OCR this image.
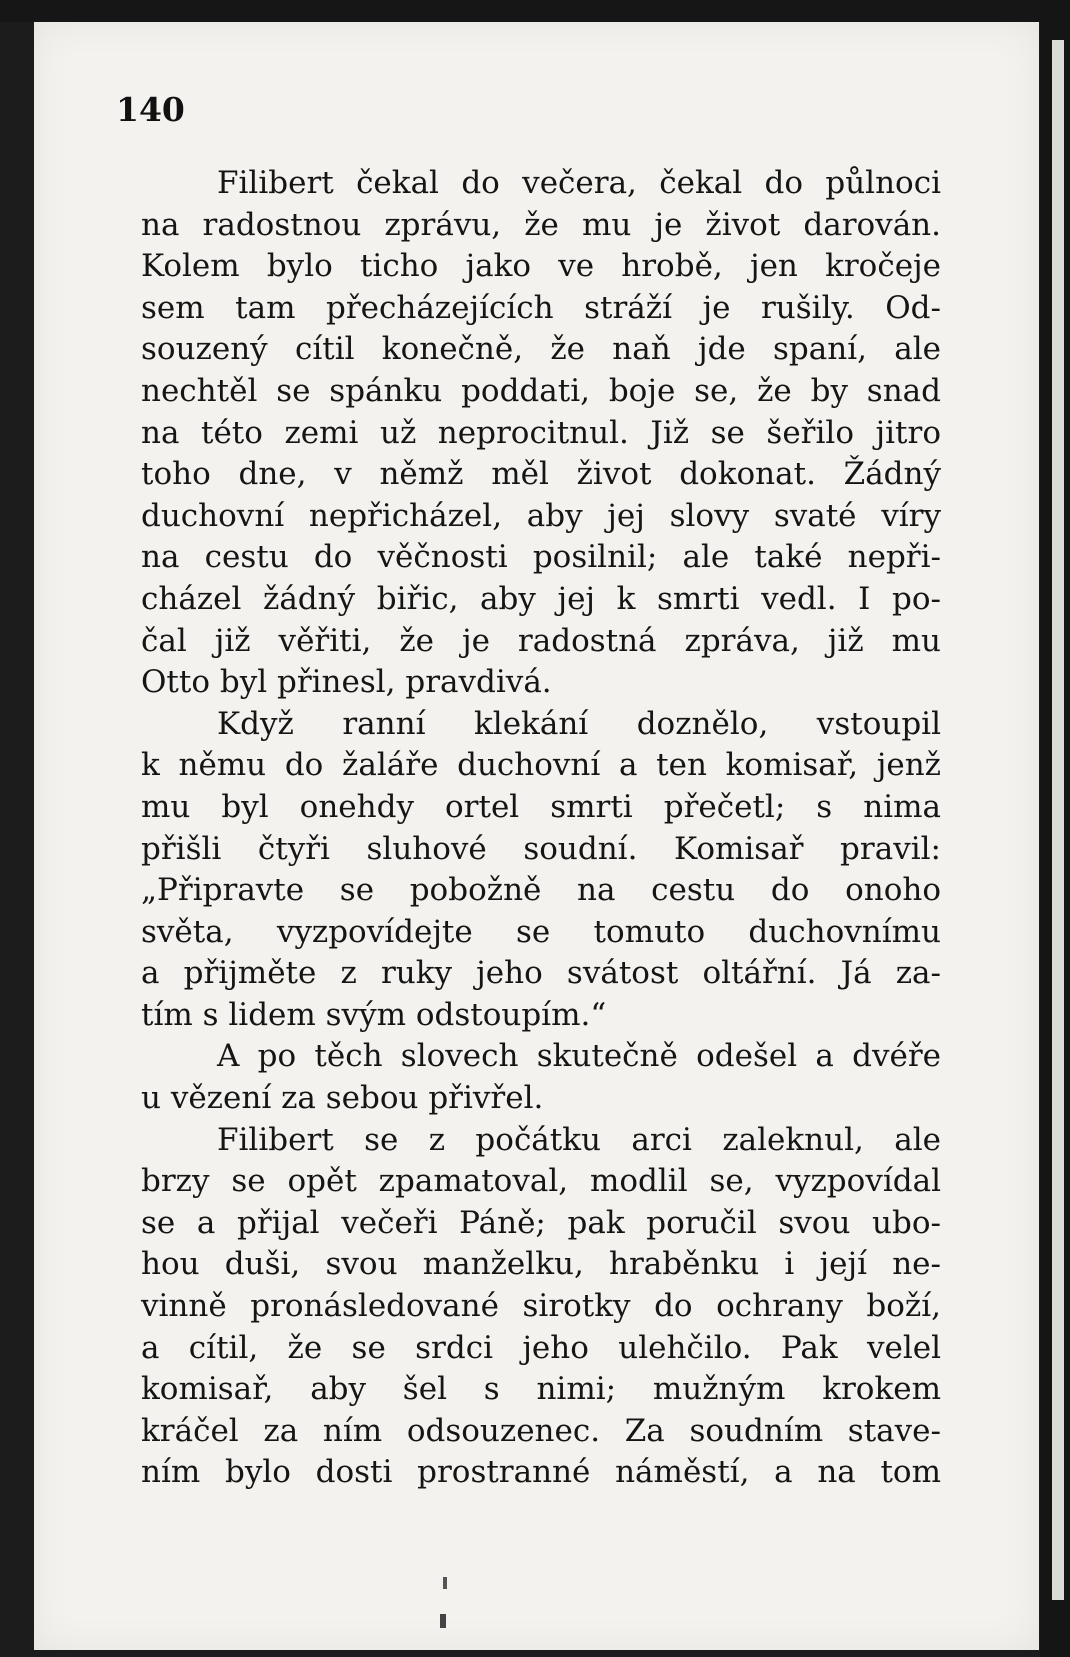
140
Filibert čekal do večera, čekal do půlnoci
na radostnou zprávu, že mu je život darován.
Kolem bylo ticho jako ve hrobě, jen kročeje
sem tam přecházejících stráží je rušily. Od-
souzený cítil konečně, že naň jde spaní, ale
nechtěl se spánku poddati, boje se, že by snad
na této zemi už neprocitnul. Již se šeřilo jitro
toho dne, v němž měl život dokonat. Žádný
duchovní nepřicházel, aby jej slovy svaté víry
na cestu do věčnosti posilnil; ale také nepři-
cházel žádný biřic, aby jej k smrti vedl. I po-
čal již věřiti, že je radostná zpráva, již mu
Otto byl přinesl, pravdivá.
Když ranní klekání doznělo, vstoupil
k němu do žaláře duchovní a ten komisař, jenž
mu byl onehdy ortel smrti přečetl; s nima
přišli čtyři sluhové soudní. Komisař pravil:
„Připravte se pobožně na cestu do onoho
světa, vyzpovídejte se tomuto duchovnímu
a přijměte z ruky jeho svátost oltářní. Já za-
tím s lidem svým odstoupím.“
A po těch slovech skutečně odešel a dvéře
u vězení za sebou přivřel.
Filibert se z počátku arci zaleknul, ale
brzy se opět zpamatoval, modlil se, vyzpovídal
se a přijal večeři Páně; pak poručil svou ubo-
hou duši, svou manželku, hraběnku i její ne-
vinně pronásledované sirotky do ochrany boží,
a cítil, že se srdci jeho ulehčilo. Pak velel
komisař, aby šel s nimi; mužným krokem
kráčel za ním odsouzenec. Za soudním stave-
ním bylo dosti prostranné náměstí, a na tom
